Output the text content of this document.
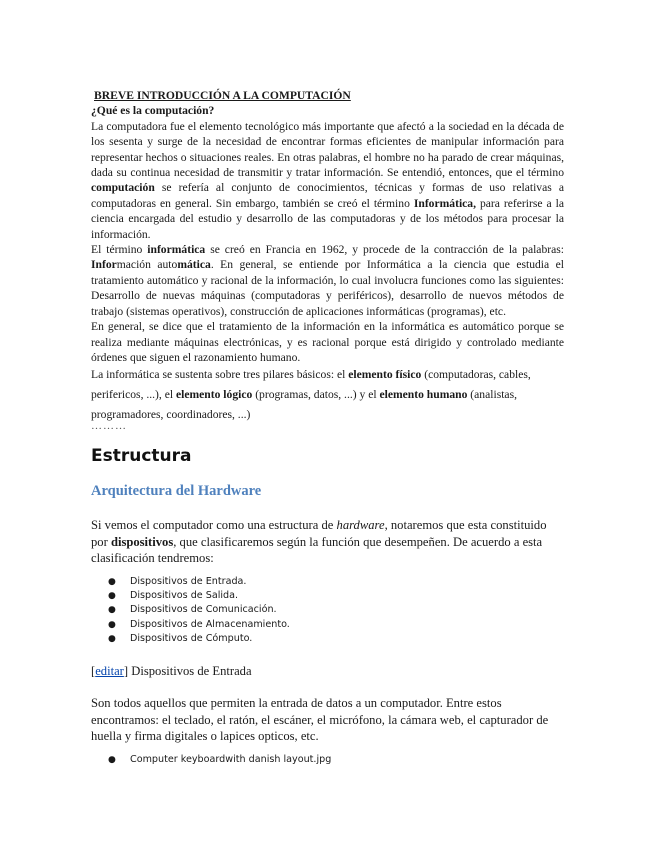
BREVE INTRODUCCIÓN A LA COMPUTACIÓN
¿Qué es la computación?

La computadora fue el elemento tecnológico más importante que afectó a la sociedad en la década de los sesenta y surge de la necesidad de encontrar formas eficientes de manipular información para representar hechos o situaciones reales. En otras palabras, el hombre no ha parado de crear máquinas, dada su continua necesidad de transmitir y tratar información. Se entendió, entonces, que el término computación se refería al conjunto de conocimientos, técnicas y formas de uso relativas a computadoras en general. Sin embargo, también se creó el término Informática, para referirse a la ciencia encargada del estudio y desarrollo de las computadoras y de los métodos para procesar la información.

El término informática se creó en Francia en 1962, y procede de la contracción de la palabras: Información automática. En general, se entiende por Informática a la ciencia que estudia el tratamiento automático y racional de la información, lo cual involucra funciones como las siguientes: Desarrollo de nuevas máquinas (computadoras y periféricos), desarrollo de nuevos métodos de trabajo (sistemas operativos), construcción de aplicaciones informáticas (programas), etc.

En general, se dice que el tratamiento de la información en la informática es automático porque se realiza mediante máquinas electrónicas, y es racional porque está dirigido y controlado mediante órdenes que siguen el razonamiento humano.

La informática se sustenta sobre tres pilares básicos: el elemento físico (computadoras, cables, perifericos, ...), el elemento lógico (programas, datos, ...) y el elemento humano (analistas, programadores, coordinadores, ...)

………
Estructura
Arquitectura del Hardware

Si vemos el computador como una estructura de hardware, notaremos que esta constituido por dispositivos, que clasificaremos según la función que desempeñen. De acuerdo a esta clasificación tendremos:

● Dispositivos de Entrada.
● Dispositivos de Salida.
● Dispositivos de Comunicación.
● Dispositivos de Almacenamiento.
● Dispositivos de Cómputo.
[editar] Dispositivos de Entrada

Son todos aquellos que permiten la entrada de datos a un computador. Entre estos encontramos: el teclado, el ratón, el escáner, el micrófono, la cámara web, el capturador de huella y firma digitales o lapices opticos, etc.

● Computer keyboardwith danish layout.jpg
